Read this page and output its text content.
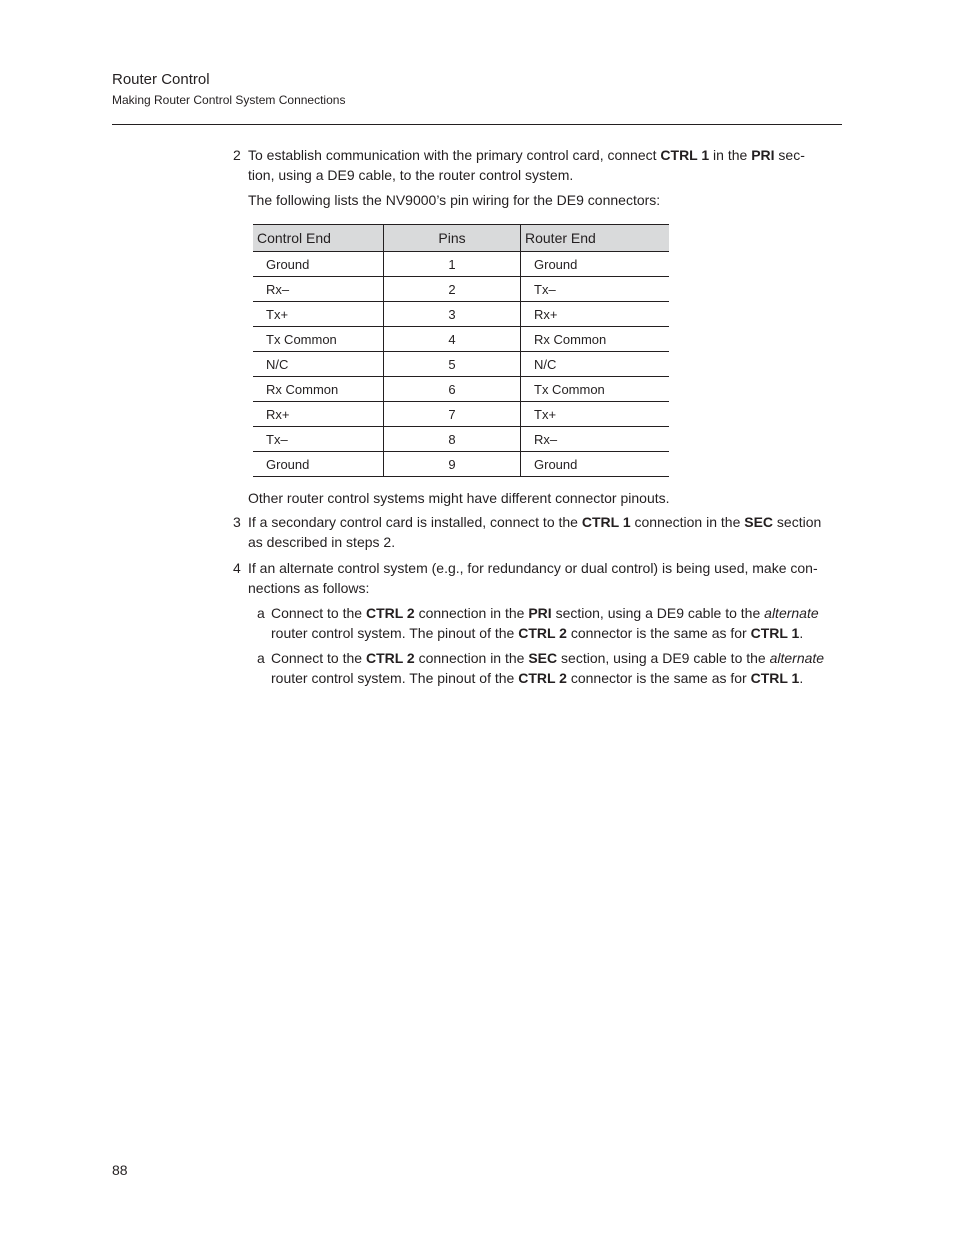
Router Control
Making Router Control System Connections
2 To establish communication with the primary control card, connect CTRL 1 in the PRI sec-
tion, using a DE9 cable, to the router control system.
The following lists the NV9000’s pin wiring for the DE9 connectors:
Control End	Pins	Router End
Ground	1	Ground
Rx–	2	Tx–
Tx+	3	Rx+
Tx Common	4	Rx Common
N/C	5	N/C
Rx Common	6	Tx Common
Rx+	7	Tx+
Tx–	8	Rx–
Ground	9	Ground
Other router control systems might have different connector pinouts.
3 If a secondary control card is installed, connect to the CTRL 1 connection in the SEC section
as described in steps 2.
4 If an alternate control system (e.g., for redundancy or dual control) is being used, make con-
nections as follows:
a Connect to the CTRL 2 connection in the PRI section, using a DE9 cable to the alternate
router control system. The pinout of the CTRL 2 connector is the same as for CTRL 1.
a Connect to the CTRL 2 connection in the SEC section, using a DE9 cable to the alternate
router control system. The pinout of the CTRL 2 connector is the same as for CTRL 1.
88
